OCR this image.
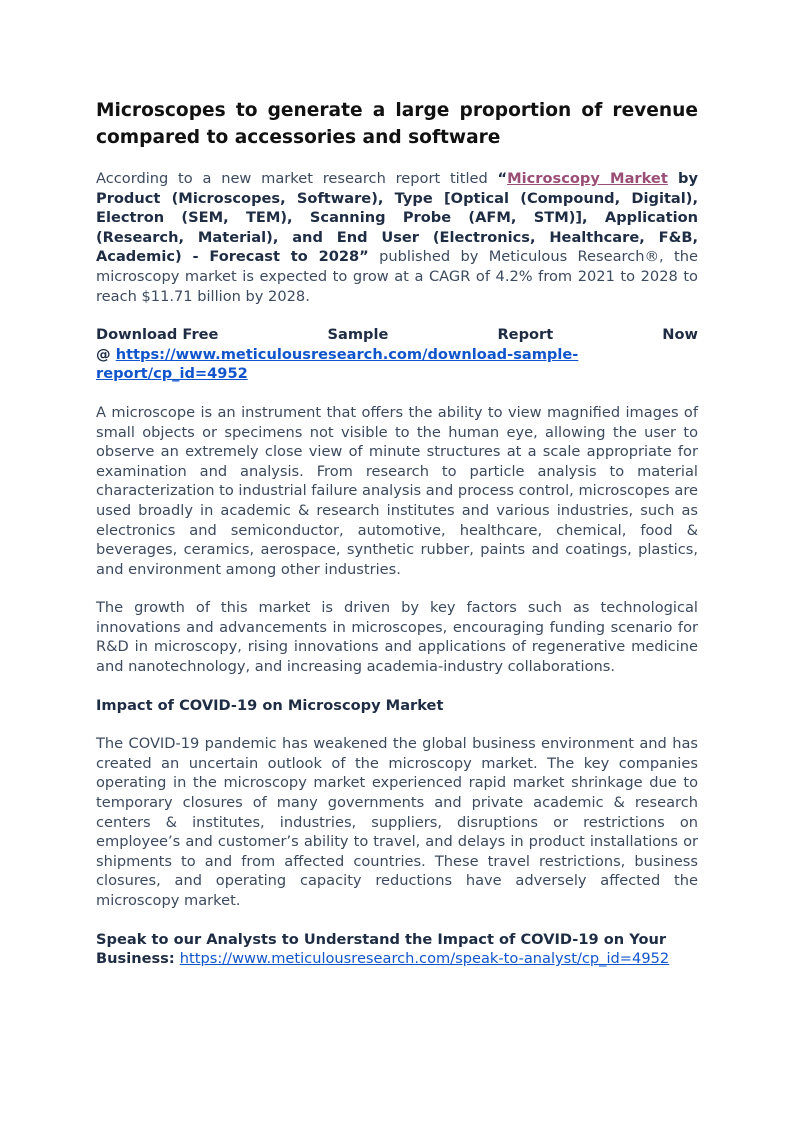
Microscopes to generate a large proportion of revenue compared to accessories and software

According to a new market research report titled “Microscopy Market by Product (Microscopes, Software), Type [Optical (Compound, Digital), Electron (SEM, TEM), Scanning Probe (AFM, STM)], Application (Research, Material), and End User (Electronics, Healthcare, F&B, Academic) - Forecast to 2028” published by Meticulous Research®, the microscopy market is expected to grow at a CAGR of 4.2% from 2021 to 2028 to reach $11.71 billion by 2028.

Download Free	Sample	Report	Now
@ https://www.meticulousresearch.com/download-sample-report/cp_id=4952

A microscope is an instrument that offers the ability to view magnified images of small objects or specimens not visible to the human eye, allowing the user to observe an extremely close view of minute structures at a scale appropriate for examination and analysis. From research to particle analysis to material characterization to industrial failure analysis and process control, microscopes are used broadly in academic & research institutes and various industries, such as electronics and semiconductor, automotive, healthcare, chemical, food & beverages, ceramics, aerospace, synthetic rubber, paints and coatings, plastics, and environment among other industries.

The growth of this market is driven by key factors such as technological innovations and advancements in microscopes, encouraging funding scenario for R&D in microscopy, rising innovations and applications of regenerative medicine and nanotechnology, and increasing academia-industry collaborations.

Impact of COVID-19 on Microscopy Market

The COVID-19 pandemic has weakened the global business environment and has created an uncertain outlook of the microscopy market. The key companies operating in the microscopy market experienced rapid market shrinkage due to temporary closures of many governments and private academic & research centers & institutes, industries, suppliers, disruptions or restrictions on employee’s and customer’s ability to travel, and delays in product installations or shipments to and from affected countries. These travel restrictions, business closures, and operating capacity reductions have adversely affected the microscopy market.

Speak to our Analysts to Understand the Impact of COVID-19 on Your Business: https://www.meticulousresearch.com/speak-to-analyst/cp_id=4952
